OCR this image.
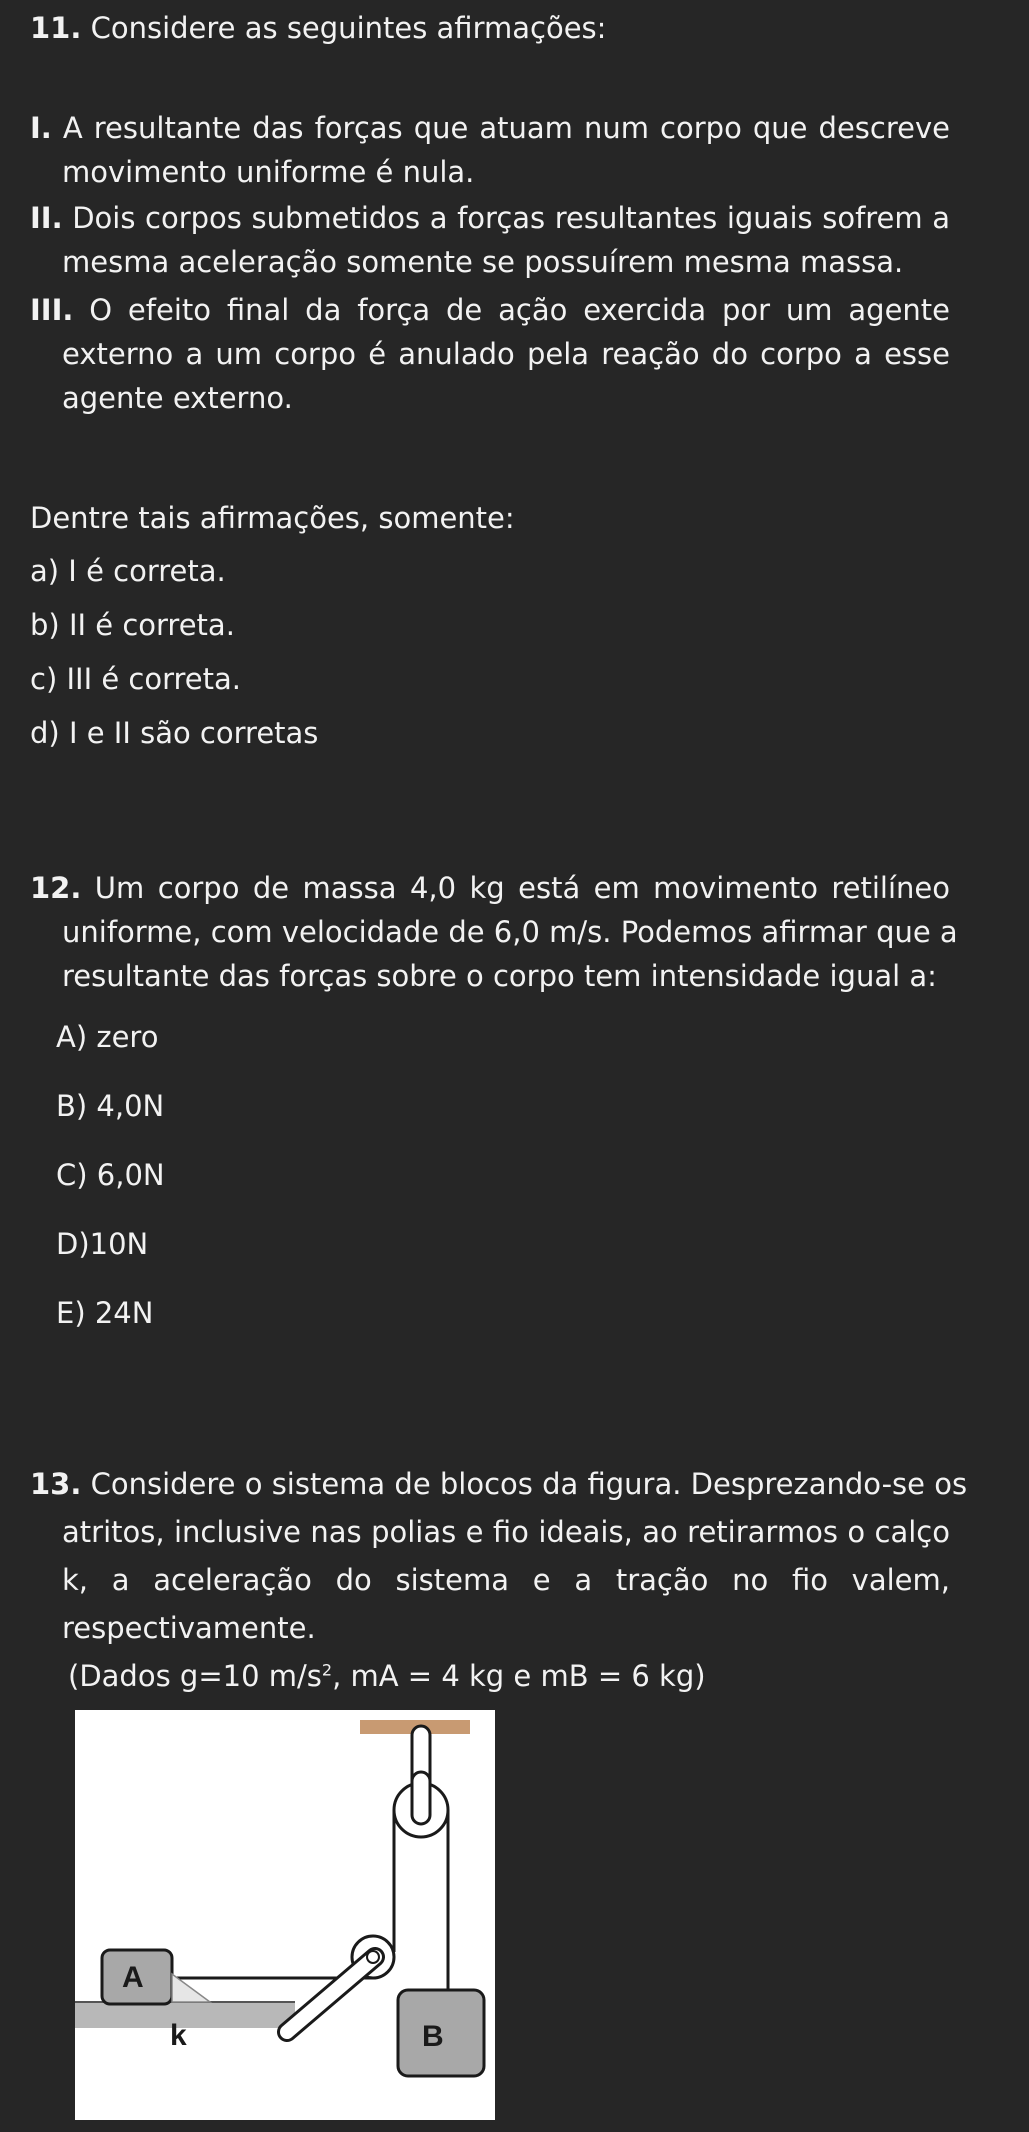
11. Considere as seguintes afirmações:
I. A resultante das forças que atuam num corpo que descreve
movimento uniforme é nula.
II. Dois corpos submetidos a forças resultantes iguais sofrem a
mesma aceleração somente se possuírem mesma massa.
III. O efeito final da força de ação exercida por um agente
externo a um corpo é anulado pela reação do corpo a esse
agente externo.
Dentre tais afirmações, somente:
a) I é correta.
b) II é correta.
c) III é correta.
d) I e II são corretas
12. Um corpo de massa 4,0 kg está em movimento retilíneo
uniforme, com velocidade de 6,0 m/s. Podemos afirmar que a
resultante das forças sobre o corpo tem intensidade igual a:
A) zero
B) 4,0N
C) 6,0N
D)10N
E) 24N
13. Considere o sistema de blocos da figura. Desprezando-se os
atritos, inclusive nas polias e fio ideais, ao retirarmos o calço
k, a aceleração do sistema e a tração no fio valem,
respectivamente.
(Dados g=10 $m/s^2$, mA = 4 kg e mB = 6 kg)
A
k	B
